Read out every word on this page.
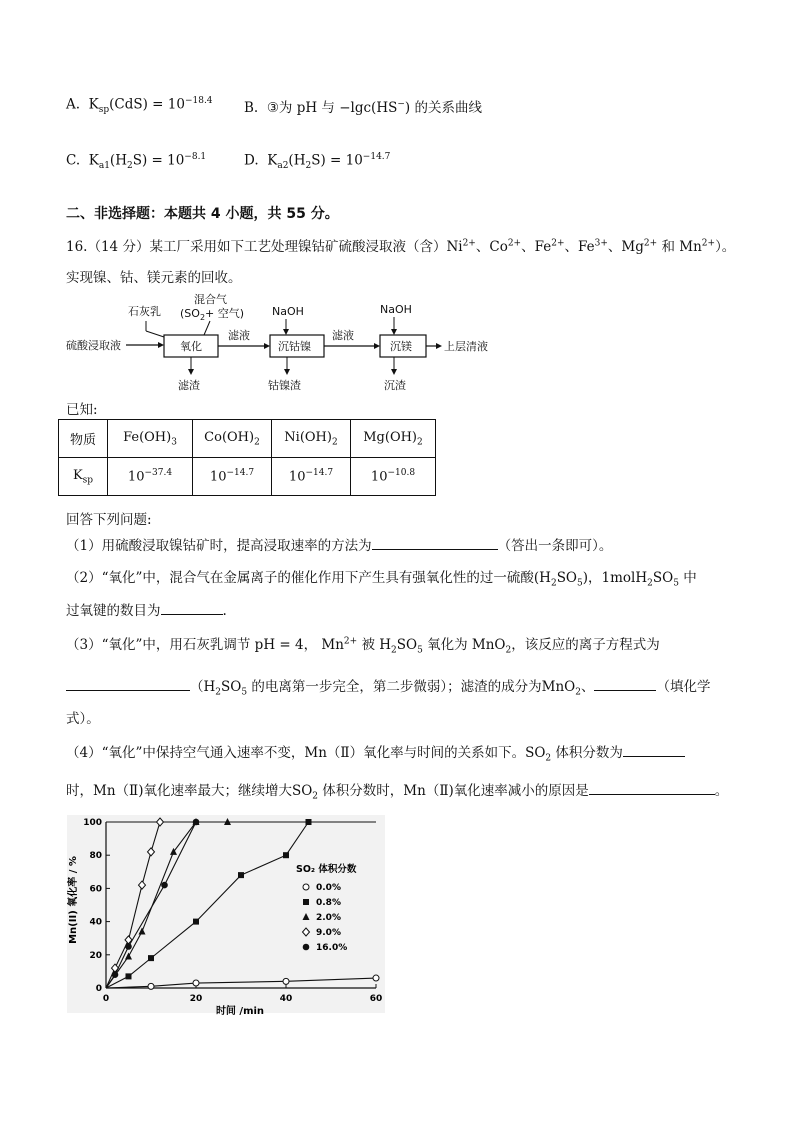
A. $K_{sp}(CdS) = 10^{-18.4}$ B. ③为 pH 与 −lgc(HS−) 的关系曲线
C. $K_{a1}(H_2S) = 10^{-8.1}$	D. $K_{a2}(H_2S) = 10^{-14.7}$
二、非选择题：本题共 4 小题，共 55 分。
16.（14 分）某工厂采用如下工艺处理镍钴矿硫酸浸取液（含）$Ni^{2+}$、$Co^{2+}$、$Fe^{2+}$、$Fe^{3+}$、$Mg^{2+}$ 和 $Mn^{2+}$）。
实现镍、钴、镁元素的回收。
硫酸浸取液
石灰乳
混合气
($SO_2+$ 空气)
氧化
滤渣
滤液
NaOH
沉钴镍
钴镍渣
滤液
NaOH
沉镁
沉渣
上层清液
已知:
物质	$Fe(OH)_3$	$Co(OH)_2$	$Ni(OH)_2$	$Mg(OH)_2$
$K_{sp}$	$10^{-37.4}$	$10^{-14.7}$	$10^{-14.7}$	$10^{-10.8}$
回答下列问题:
（1）用硫酸浸取镍钴矿时，提高浸取速率的方法为	（答出一条即可）。
（2）“氧化”中，混合气在金属离子的催化作用下产生具有强氧化性的过一硫酸$(H_2SO_5)$，$1molH_2SO_5$ 中
过氧键的数目为	.
（3）“氧化”中，用石灰乳调节 pH = 4， $Mn^{2+}$ 被 $H_2SO_5$ 氧化为 MnO$_2$，该反应的离子方程式为
（$H_2SO_5$ 的电离第一步完全，第二步微弱）；滤渣的成分为MnO$_2$、	（填化学
式）。
（4）“氧化”中保持空气通入速率不变，Mn（Ⅱ）氧化率与时间的关系如下。$SO_2$ 体积分数为
时，Mn（Ⅱ)氧化速率最大；继续增大$SO_2$ 体积分数时，Mn（Ⅱ)氧化速率减小的原因是	。
0
20
40
60
80
100
0	20	40	60
SO₂ 体积分数
0.0%
0.8%
2.0%
9.0%
16.0%
Mn(II) 氧化率 / %
时间 /min
